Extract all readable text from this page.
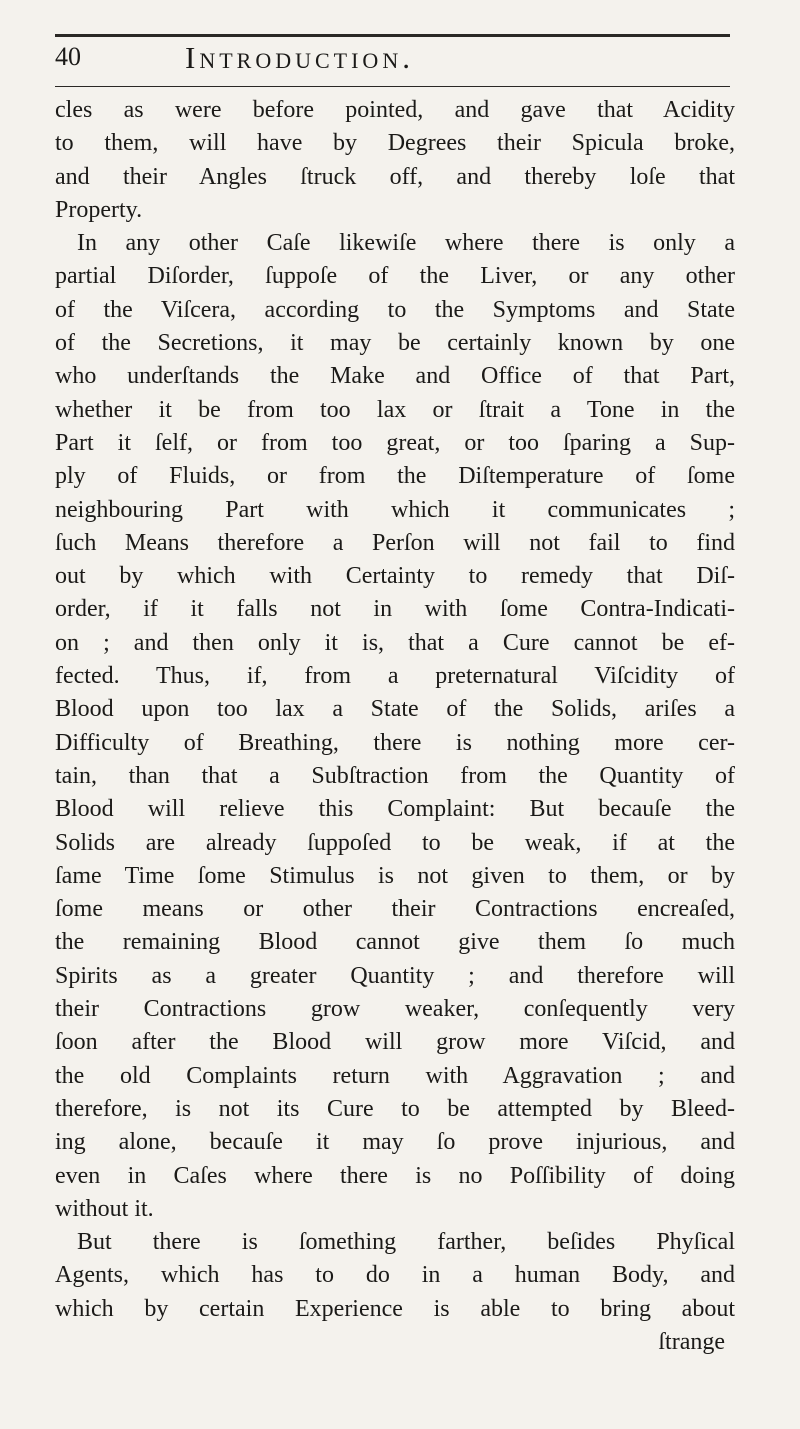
40	Introduction.
cles as were before pointed, and gave that Acidity
to them, will have by Degrees their Spicula broke,
and their Angles ſtruck off, and thereby loſe that
Property.
In any other Caſe likewiſe where there is only a
partial Diſorder, ſuppoſe of the Liver, or any other
of the Viſcera, according to the Symptoms and State
of the Secretions, it may be certainly known by one
who underſtands the Make and Office of that Part,
whether it be from too lax or ſtrait a Tone in the
Part it ſelf, or from too great, or too ſparing a Sup-
ply of Fluids, or from the Diſtemperature of ſome
neighbouring Part with which it communicates ;
ſuch Means therefore a Perſon will not fail to find
out by which with Certainty to remedy that Diſ-
order, if it falls not in with ſome Contra-Indicati-
on ; and then only it is, that a Cure cannot be ef-
fected. Thus, if, from a preternatural Viſcidity of
Blood upon too lax a State of the Solids, ariſes a
Difficulty of Breathing, there is nothing more cer-
tain, than that a Subſtraction from the Quantity of
Blood will relieve this Complaint: But becauſe the
Solids are already ſuppoſed to be weak, if at the
ſame Time ſome Stimulus is not given to them, or by
ſome means or other their Contractions encreaſed,
the remaining Blood cannot give them ſo much
Spirits as a greater Quantity ; and therefore will
their Contractions grow weaker, conſequently very
ſoon after the Blood will grow more Viſcid, and
the old Complaints return with Aggravation ; and
therefore, is not its Cure to be attempted by Bleed-
ing alone, becauſe it may ſo prove injurious, and
even in Caſes where there is no Poſſibility of doing
without it.
But there is ſomething farther, beſides Phyſical
Agents, which has to do in a human Body, and
which by certain Experience is able to bring about
ſtrange
